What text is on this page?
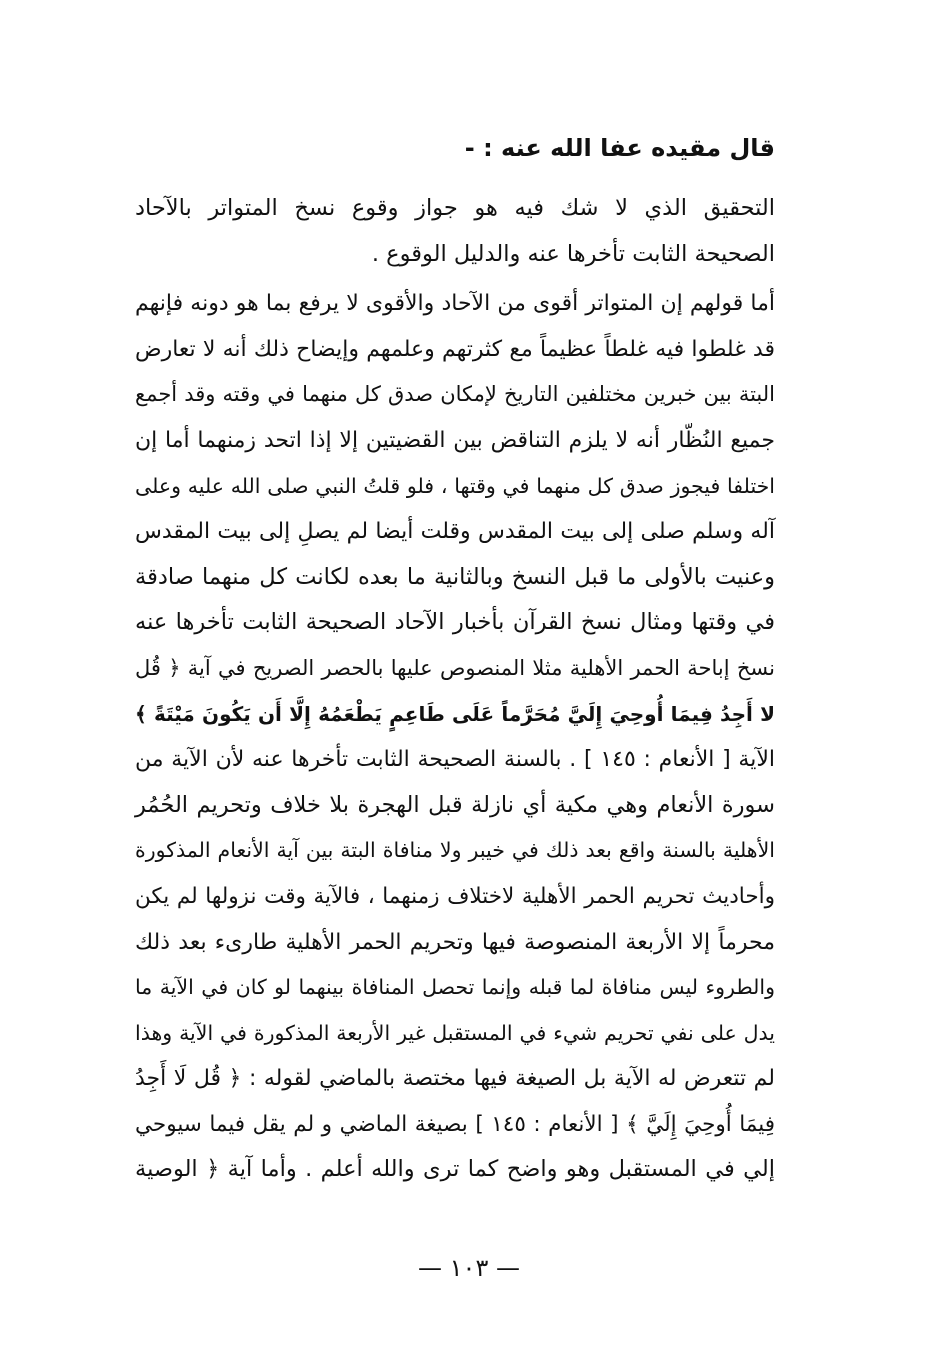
قال مقيده عفا الله عنه : -
التحقيق الذي لا شك فيه هو جواز وقوع نسخ المتواتر بالآحاد
الصحيحة الثابت تأخرها عنه والدليل الوقوع .
أما قولهم إن المتواتر أقوى من الآحاد والأقوى لا يرفع بما هو دونه فإنهم
قد غلطوا فيه غلطاً عظيماً مع كثرتهم وعلمهم وإيضاح ذلك أنه لا تعارض
البتة بين خبرين مختلفين التاريخ لإمكان صدق كل منهما في وقته وقد أجمع
جميع النُظّار أنه لا يلزم التناقض بين القضيتين إلا إذا اتحد زمنهما أما إن
اختلفا فيجوز صدق كل منهما في وقتها ، فلو قلتُ النبي صلى الله عليه وعلى
آله وسلم صلى إلى بيت المقدس وقلت أيضا لم يصلِ إلى بيت المقدس
وعنيت بالأولى ما قبل النسخ وبالثانية ما بعده لكانت كل منهما صادقة
في وقتها ومثال نسخ القرآن بأخبار الآحاد الصحيحة الثابت تأخرها عنه
نسخ إباحة الحمر الأهلية مثلا المنصوص عليها بالحصر الصريح في آية ﴿ قُل
لا أَجِدُ فِيمَا أُوحِيَ إِلَيَّ مُحَرَّماً عَلَى طَاعِمٍ يَطْعَمُهُ إِلَّا أَن يَكُونَ مَيْتَةً ﴾
الآية [ الأنعام : ١٤٥ ] . بالسنة الصحيحة الثابت تأخرها عنه لأن الآية من
سورة الأنعام وهي مكية أي نازلة قبل الهجرة بلا خلاف وتحريم الحُمُر
الأهلية بالسنة واقع بعد ذلك في خيبر ولا منافاة البتة بين آية الأنعام المذكورة
وأحاديث تحريم الحمر الأهلية لاختلاف زمنهما ، فالآية وقت نزولها لم يكن
محرماً إلا الأربعة المنصوصة فيها وتحريم الحمر الأهلية طارىء بعد ذلك
والطروء ليس منافاة لما قبله وإنما تحصل المنافاة بينهما لو كان في الآية ما
يدل على نفي تحريم شيء في المستقبل غير الأربعة المذكورة في الآية وهذا
لم تتعرض له الآية بل الصيغة فيها مختصة بالماضي لقوله : ﴿ قُل لَا أَجِدُ
فِيمَا أُوحِيَ إِلَيَّ ﴾ [ الأنعام : ١٤٥ ] بصيغة الماضي و لم يقل فيما سيوحي
إلي في المستقبل وهو واضح كما ترى والله أعلم . وأما آية ﴿ الوصية
— ١٠٣ —
